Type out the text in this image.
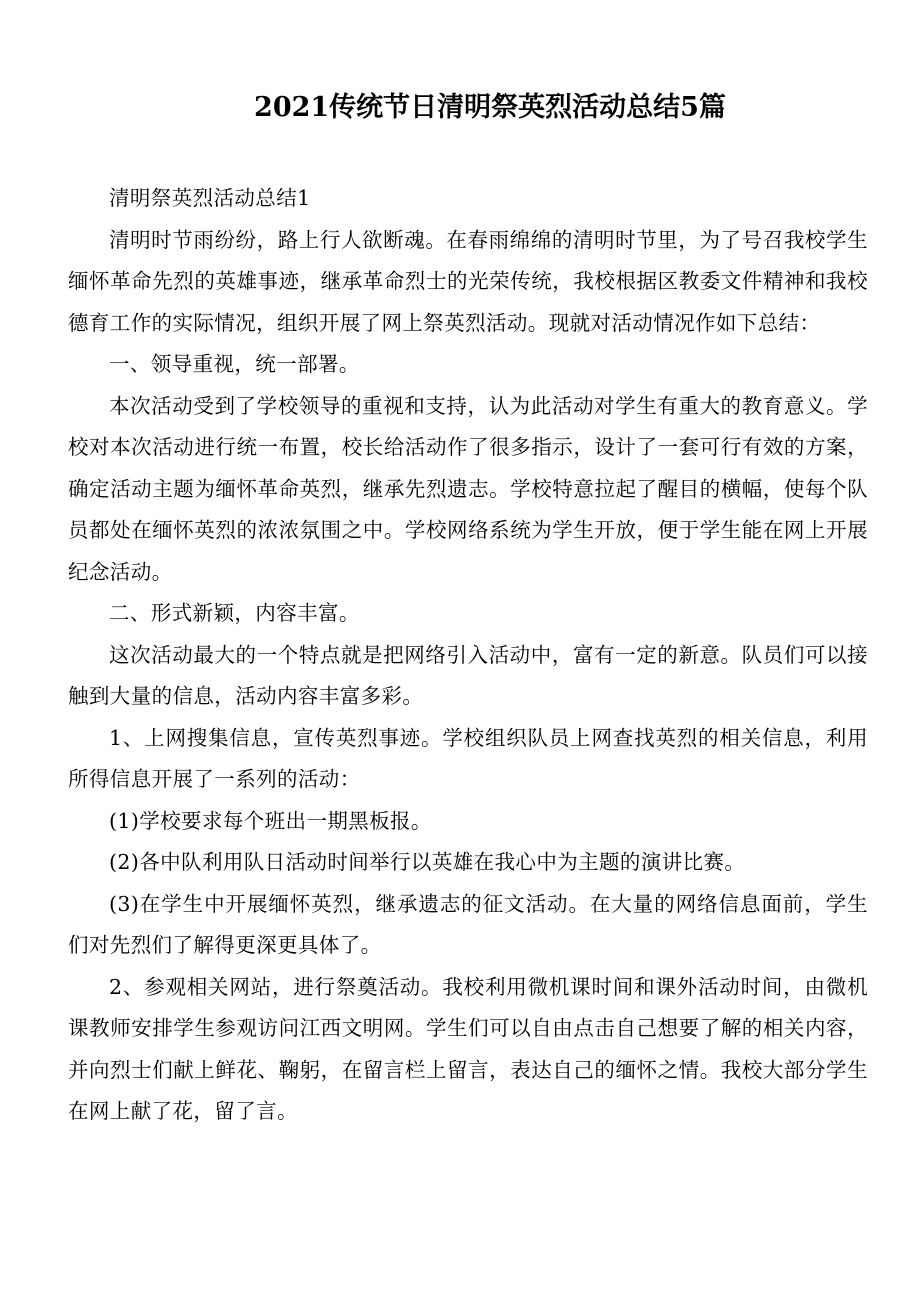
2021传统节日清明祭英烈活动总结5篇

清明祭英烈活动总结1

清明时节雨纷纷，路上行人欲断魂。在春雨绵绵的清明时节里，为了号召我校学生缅怀革命先烈的英雄事迹，继承革命烈士的光荣传统，我校根据区教委文件精神和我校德育工作的实际情况，组织开展了网上祭英烈活动。现就对活动情况作如下总结：

一、领导重视，统一部署。

本次活动受到了学校领导的重视和支持，认为此活动对学生有重大的教育意义。学校对本次活动进行统一布置，校长给活动作了很多指示，设计了一套可行有效的方案，确定活动主题为缅怀革命英烈，继承先烈遗志。学校特意拉起了醒目的横幅，使每个队员都处在缅怀英烈的浓浓氛围之中。学校网络系统为学生开放，便于学生能在网上开展纪念活动。

二、形式新颖，内容丰富。

这次活动最大的一个特点就是把网络引入活动中，富有一定的新意。队员们可以接触到大量的信息，活动内容丰富多彩。

1、上网搜集信息，宣传英烈事迹。学校组织队员上网查找英烈的相关信息，利用所得信息开展了一系列的活动：

(1)学校要求每个班出一期黑板报。

(2)各中队利用队日活动时间举行以英雄在我心中为主题的演讲比赛。

(3)在学生中开展缅怀英烈，继承遗志的征文活动。在大量的网络信息面前，学生们对先烈们了解得更深更具体了。

2、参观相关网站，进行祭奠活动。我校利用微机课时间和课外活动时间，由微机课教师安排学生参观访问江西文明网。学生们可以自由点击自己想要了解的相关内容，并向烈士们献上鲜花、鞠躬，在留言栏上留言，表达自己的缅怀之情。我校大部分学生在网上献了花，留了言。
